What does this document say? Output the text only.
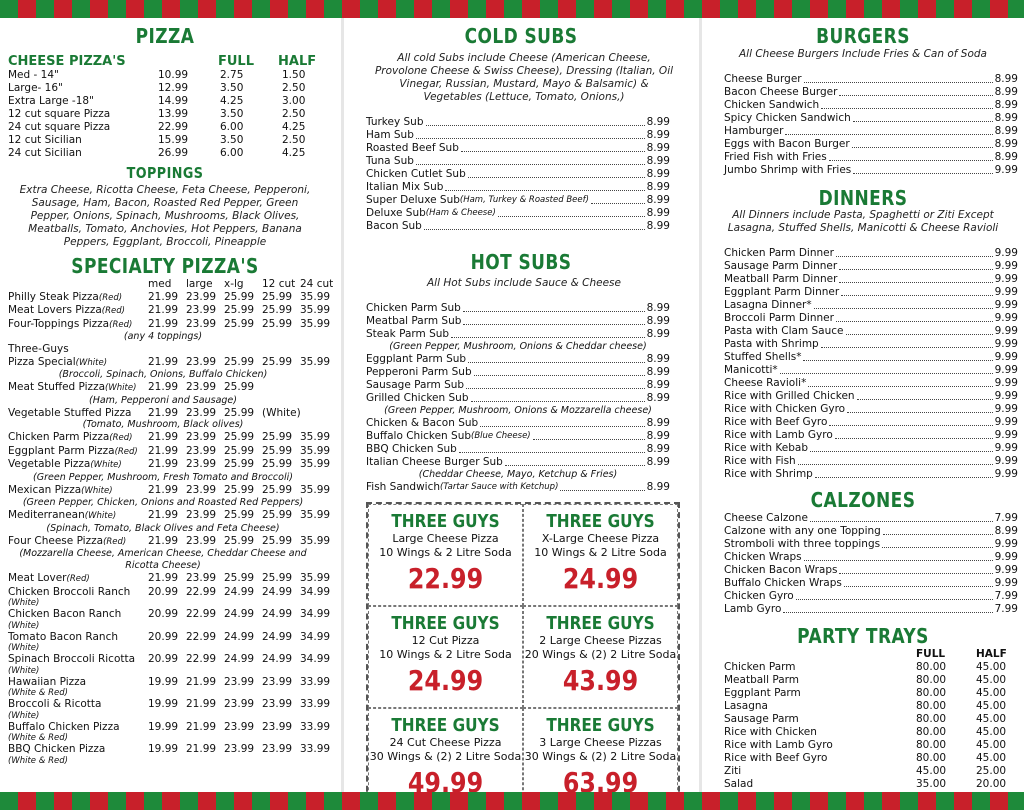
PIZZA
CHEESE PIZZA'S	FULL	HALF
Med - 14"	10.99	2.75	1.50
Large- 16"	12.99	3.50	2.50
Extra Large -18"	14.99	4.25	3.00
12 cut square Pizza	13.99	3.50	2.50
24 cut square Pizza	22.99	6.00	4.25
12 cut Sicilian	15.99	3.50	2.50
24 cut Sicilian	26.99	6.00	4.25
TOPPINGS
Extra Cheese, Ricotta Cheese, Feta Cheese, Pepperoni, Sausage, Ham, Bacon, Roasted Red Pepper, Green Pepper, Onions, Spinach, Mushrooms, Black Olives, Meatballs, Tomato, Anchovies, Hot Peppers, Banana Peppers, Eggplant, Broccoli, Pineapple
SPECIALTY PIZZA'S
med	large	x-lg	12 cut 24 cut
Philly Steak Pizza(Red)	21.99 23.99 25.99 25.99 35.99
Meat Lovers Pizza(Red)	21.99 23.99 25.99 25.99 35.99
Four-Toppings Pizza(Red)	21.99 23.99 25.99 25.99 35.99
(any 4 toppings)
Three-Guys
Pizza Special(White)	21.99 23.99 25.99 25.99 35.99
(Broccoli, Spinach, Onions, Buffalo Chicken)
Meat Stuffed Pizza(White)	21.99 23.99 25.99
(Ham, Pepperoni and Sausage)
Vegetable Stuffed Pizza	21.99 23.99 25.99 (White)
(Tomato, Mushroom, Black olives)
Chicken Parm Pizza(Red)	21.99 23.99 25.99 25.99 35.99
Eggplant Parm Pizza(Red) 21.99 23.99 25.99 25.99 35.99
Vegetable Pizza(White)	21.99 23.99 25.99 25.99 35.99
(Green Pepper, Mushroom, Fresh Tomato and Broccoli)
Mexican Pizza(White)	21.99 23.99 25.99 25.99 35.99
(Green Pepper, Chicken, Onions and Roasted Red Peppers)
Mediterranean(White)	21.99 23.99 25.99 25.99 35.99
(Spinach, Tomato, Black Olives and Feta Cheese)
Four Cheese Pizza(Red)	21.99 23.99 25.99 25.99 35.99
(Mozzarella Cheese, American Cheese, Cheddar Cheese and Ricotta Cheese)
Meat Lover(Red)	21.99 23.99 25.99 25.99 35.99
Chicken Broccoli Ranch	20.99 22.99 24.99 24.99 34.99
(White)
Chicken Bacon Ranch	20.99 22.99 24.99 24.99 34.99
(White)
Tomato Bacon Ranch	20.99 22.99 24.99 24.99 34.99
(White)
Spinach Broccoli Ricotta	20.99 22.99 24.99 24.99 34.99
(White)
Hawaiian Pizza	19.99 21.99 23.99 23.99 33.99
(White & Red)
Broccoli & Ricotta	19.99 21.99 23.99 23.99 33.99
(White)
Buffalo Chicken Pizza	19.99 21.99 23.99 23.99 33.99
(White & Red)
BBQ Chicken Pizza	19.99 21.99 23.99 23.99 33.99
(White & Red)
COLD SUBS
All cold Subs include Cheese (American Cheese, Provolone Cheese & Swiss Cheese), Dressing (Italian, Oil Vinegar, Russian, Mustard, Mayo & Balsamic) & Vegetables (Lettuce, Tomato, Onions,)
Turkey Sub	8.99
Ham Sub	8.99
Roasted Beef Sub	8.99
Tuna Sub	8.99
Chicken Cutlet Sub	8.99
Italian Mix Sub	8.99
Super Deluxe Sub (Ham, Turkey & Roasted Beef)	8.99
Deluxe Sub (Ham & Cheese)	8.99
Bacon Sub	8.99
HOT SUBS
All Hot Subs include Sauce & Cheese
Chicken Parm Sub	8.99
Meatbal Parm Sub	8.99
Steak Parm Sub	8.99
(Green Pepper, Mushroom, Onions & Cheddar cheese)
Eggplant Parm Sub	8.99
Pepperoni Parm Sub	8.99
Sausage Parm Sub	8.99
Grilled Chicken Sub	8.99
(Green Pepper, Mushroom, Onions & Mozzarella cheese)
Chicken & Bacon Sub	8.99
Buffalo Chicken Sub (Blue Cheese)	8.99
BBQ Chicken Sub	8.99
Italian Cheese Burger Sub	8.99
(Cheddar Cheese, Mayo, Ketchup & Fries)
Fish Sandwich (Tartar Sauce with Ketchup)	8.99
THREE GUYS
Large Cheese Pizza
10 Wings & 2 Litre Soda
22.99
THREE GUYS
X-Large Cheese Pizza
10 Wings & 2 Litre Soda
24.99
THREE GUYS
12 Cut Pizza
10 Wings & 2 Litre Soda
24.99
THREE GUYS
2 Large Cheese Pizzas
20 Wings & (2) 2 Litre Soda
43.99
THREE GUYS
24 Cut Cheese Pizza
30 Wings & (2) 2 Litre Soda
49.99
THREE GUYS
3 Large Cheese Pizzas
30 Wings & (2) 2 Litre Soda
63.99
BURGERS
All Cheese Burgers Include Fries & Can of Soda
Cheese Burger	8.99
Bacon Cheese Burger	8.99
Chicken Sandwich	8.99
Spicy Chicken Sandwich	8.99
Hamburger	8.99
Eggs with Bacon Burger	8.99
Fried Fish with Fries	8.99
Jumbo Shrimp with Fries	9.99
DINNERS
All Dinners include Pasta, Spaghetti or Ziti Except Lasagna, Stuffed Shells, Manicotti & Cheese Ravioli
Chicken Parm Dinner	9.99
Sausage Parm Dinner	9.99
Meatball Parm Dinner	9.99
Eggplant Parm Dinner	9.99
Lasagna Dinner*	9.99
Broccoli Parm Dinner	9.99
Pasta with Clam Sauce	9.99
Pasta with Shrimp	9.99
Stuffed Shells*	9.99
Manicotti*	9.99
Cheese Ravioli*	9.99
Rice with Grilled Chicken	9.99
Rice with Chicken Gyro	9.99
Rice with Beef Gyro	9.99
Rice with Lamb Gyro	9.99
Rice with Kebab	9.99
Rice with Fish	9.99
Rice with Shrimp	9.99
CALZONES
Cheese Calzone	7.99
Calzone with any one Topping	8.99
Stromboli with three toppings	9.99
Chicken Wraps	9.99
Chicken Bacon Wraps	9.99
Buffalo Chicken Wraps	9.99
Chicken Gyro	7.99
Lamb Gyro	7.99
PARTY TRAYS
FULL	HALF
Chicken Parm	80.00	45.00
Meatball Parm	80.00	45.00
Eggplant Parm	80.00	45.00
Lasagna	80.00	45.00
Sausage Parm	80.00	45.00
Rice with Chicken	80.00	45.00
Rice with Lamb Gyro	80.00	45.00
Rice with Beef Gyro	80.00	45.00
Ziti	45.00	25.00
Salad	35.00	20.00
